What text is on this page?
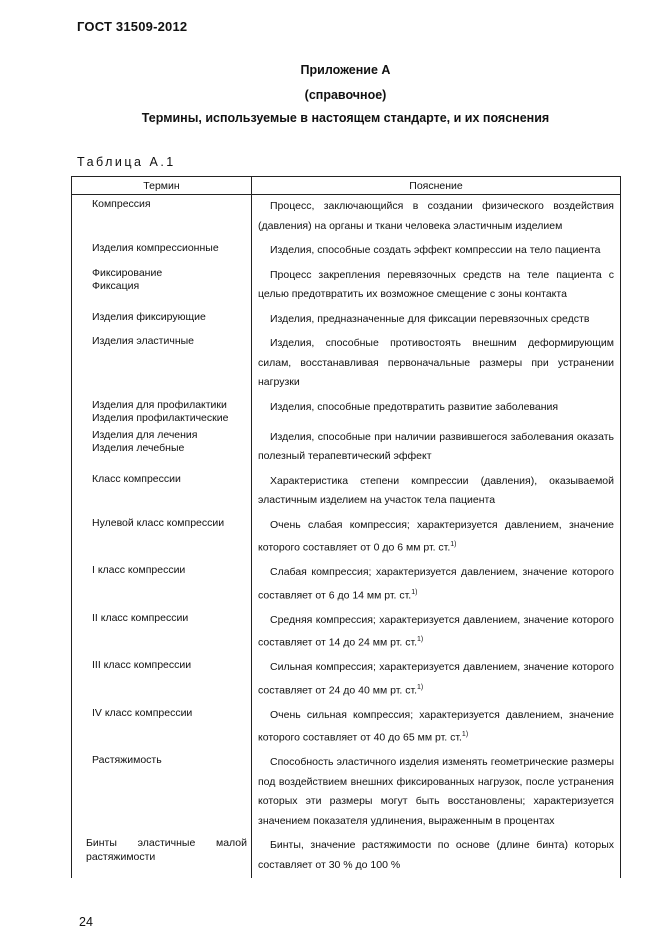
ГОСТ 31509-2012
Приложение А
(справочное)
Термины, используемые в настоящем стандарте, и их пояснения
Таблица А.1
Термин	Пояснение

Компрессия	Процесс, заключающийся в создании физического воздействия (давления) на органы и ткани человека эластичным изделием

Изделия компрессионные	Изделия, способные создать эффект компрессии на тело пациента

Фиксирование
Фиксация	Процесс закрепления перевязочных средств на теле пациента с целью предотвратить их возможное смещение с зоны контакта

Изделия фиксирующие	Изделия, предназначенные для фиксации перевязочных средств

Изделия эластичные	Изделия, способные противостоять внешним деформирующим силам, восстанавливая первоначальные размеры при устранении нагрузки

Изделия для профилактики
Изделия профилактические	Изделия, способные предотвратить развитие заболевания

Изделия для лечения
Изделия лечебные	Изделия, способные при наличии развившегося заболевания оказать полезный терапевтический эффект

Класс компрессии	Характеристика степени компрессии (давления), оказываемой эластичным изделием на участок тела пациента

Нулевой класс компрессии	Очень слабая компрессия; характеризуется давлением, значение которого составляет от 0 до 6 мм рт. ст.$^{1)}$

I класс компрессии	Слабая компрессия; характеризуется давлением, значение которого составляет от 6 до 14 мм рт. ст.$^{1)}$

II класс компрессии	Средняя компрессия; характеризуется давлением, значение которого составляет от 14 до 24 мм рт. ст.$^{1)}$

III класс компрессии	Сильная компрессия; характеризуется давлением, значение которого составляет от 24 до 40 мм рт. ст.$^{1)}$

IV класс компрессии	Очень сильная компрессия; характеризуется давлением, значение которого составляет от 40 до 65 мм рт. ст.$^{1)}$

Растяжимость	Способность эластичного изделия изменять геометрические размеры под воздействием внешних фиксированных нагрузок, после устранения которых эти размеры могут быть восстановлены; характеризуется значением показателя удлинения, выраженным в процентах

Бинты эластичные малой растяжимости	Бинты, значение растяжимости по основе (длине бинта) которых составляет от 30 % до 100 %
24
